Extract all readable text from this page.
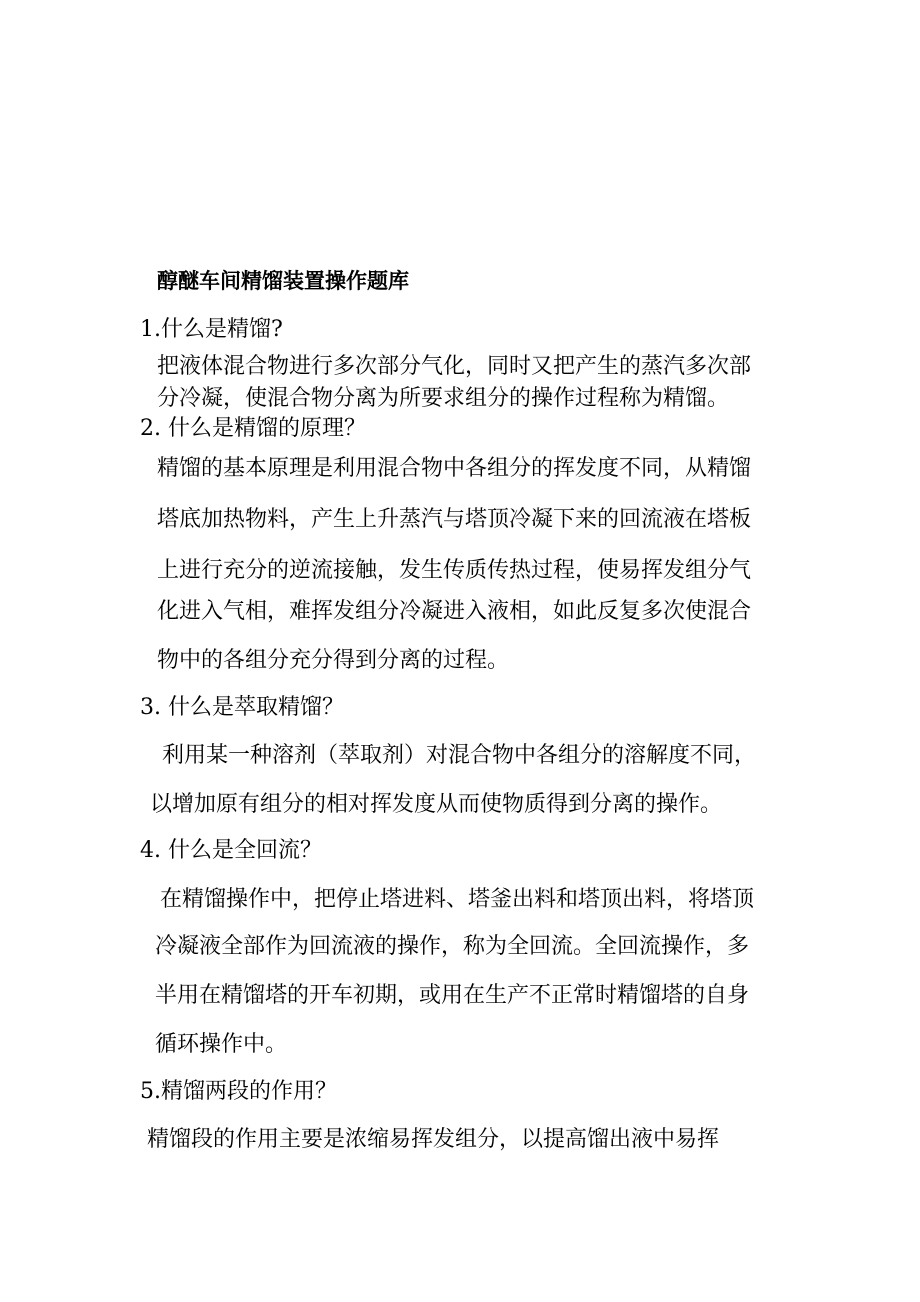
醇醚车间精馏装置操作题库
1.什么是精馏?
把液体混合物进行多次部分气化，同时又把产生的蒸汽多次部
分冷凝，使混合物分离为所要求组分的操作过程称为精馏。
2. 什么是精馏的原理？
精馏的基本原理是利用混合物中各组分的挥发度不同，从精馏
塔底加热物料，产生上升蒸汽与塔顶冷凝下来的回流液在塔板
上进行充分的逆流接触，发生传质传热过程，使易挥发组分气
化进入气相，难挥发组分冷凝进入液相，如此反复多次使混合
物中的各组分充分得到分离的过程。
3. 什么是萃取精馏？
利用某一种溶剂（萃取剂）对混合物中各组分的溶解度不同，
以增加原有组分的相对挥发度从而使物质得到分离的操作。
4. 什么是全回流？
在精馏操作中，把停止塔进料、塔釜出料和塔顶出料，将塔顶
冷凝液全部作为回流液的操作，称为全回流。全回流操作，多
半用在精馏塔的开车初期，或用在生产不正常时精馏塔的自身
循环操作中。
5.精馏两段的作用？
精馏段的作用主要是浓缩易挥发组分，以提高馏出液中易挥
